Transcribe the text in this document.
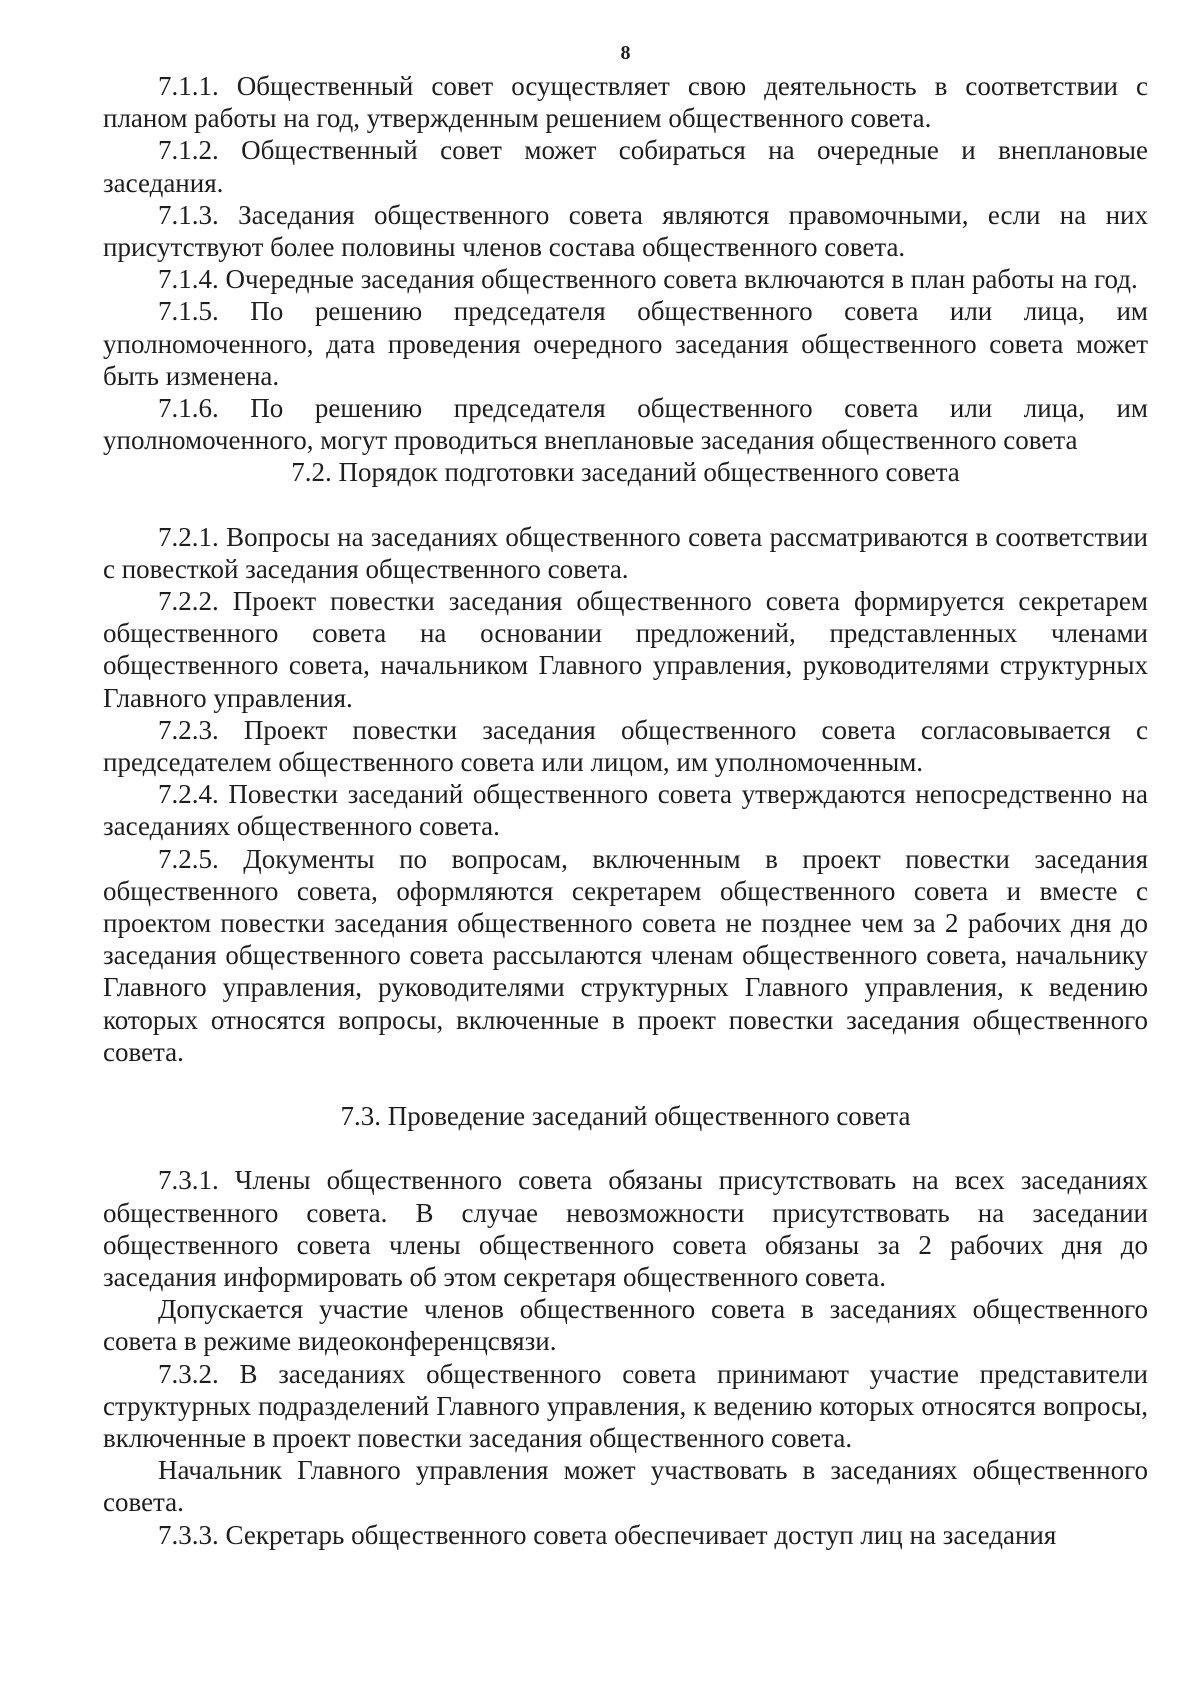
8

7.1.1. Общественный совет осуществляет свою деятельность в соответствии с планом работы на год, утвержденным решением общественного совета.

7.1.2. Общественный совет может собираться на очередные и внеплановые заседания.

7.1.3. Заседания общественного совета являются правомочными, если на них присутствуют более половины членов состава общественного совета.

7.1.4. Очередные заседания общественного совета включаются в план работы на год.

7.1.5. По решению председателя общественного совета или лица, им уполномоченного, дата проведения очередного заседания общественного совета может быть изменена.

7.1.6. По решению председателя общественного совета или лица, им уполномоченного, могут проводиться внеплановые заседания общественного совета

7.2. Порядок подготовки заседаний общественного совета

7.2.1. Вопросы на заседаниях общественного совета рассматриваются в соответствии с повесткой заседания общественного совета.

7.2.2. Проект повестки заседания общественного совета формируется секретарем общественного совета на основании предложений, представленных членами общественного совета, начальником Главного управления, руководителями структурных Главного управления.

7.2.3. Проект повестки заседания общественного совета согласовывается с председателем общественного совета или лицом, им уполномоченным.

7.2.4. Повестки заседаний общественного совета утверждаются непосредственно на заседаниях общественного совета.

7.2.5. Документы по вопросам, включенным в проект повестки заседания общественного совета, оформляются секретарем общественного совета и вместе с проектом повестки заседания общественного совета не позднее чем за 2 рабочих дня до заседания общественного совета рассылаются членам общественного совета, начальнику Главного управления, руководителями структурных Главного управления, к ведению которых относятся вопросы, включенные в проект повестки заседания общественного совета.

7.3. Проведение заседаний общественного совета

7.3.1. Члены общественного совета обязаны присутствовать на всех заседаниях общественного совета. В случае невозможности присутствовать на заседании общественного совета члены общественного совета обязаны за 2 рабочих дня до заседания информировать об этом секретаря общественного совета.

Допускается участие членов общественного совета в заседаниях общественного совета в режиме видеоконференцсвязи.

7.3.2. В заседаниях общественного совета принимают участие представители структурных подразделений Главного управления, к ведению которых относятся вопросы, включенные в проект повестки заседания общественного совета.

Начальник Главного управления может участвовать в заседаниях общественного совета.

7.3.3. Секретарь общественного совета обеспечивает доступ лиц на заседания
